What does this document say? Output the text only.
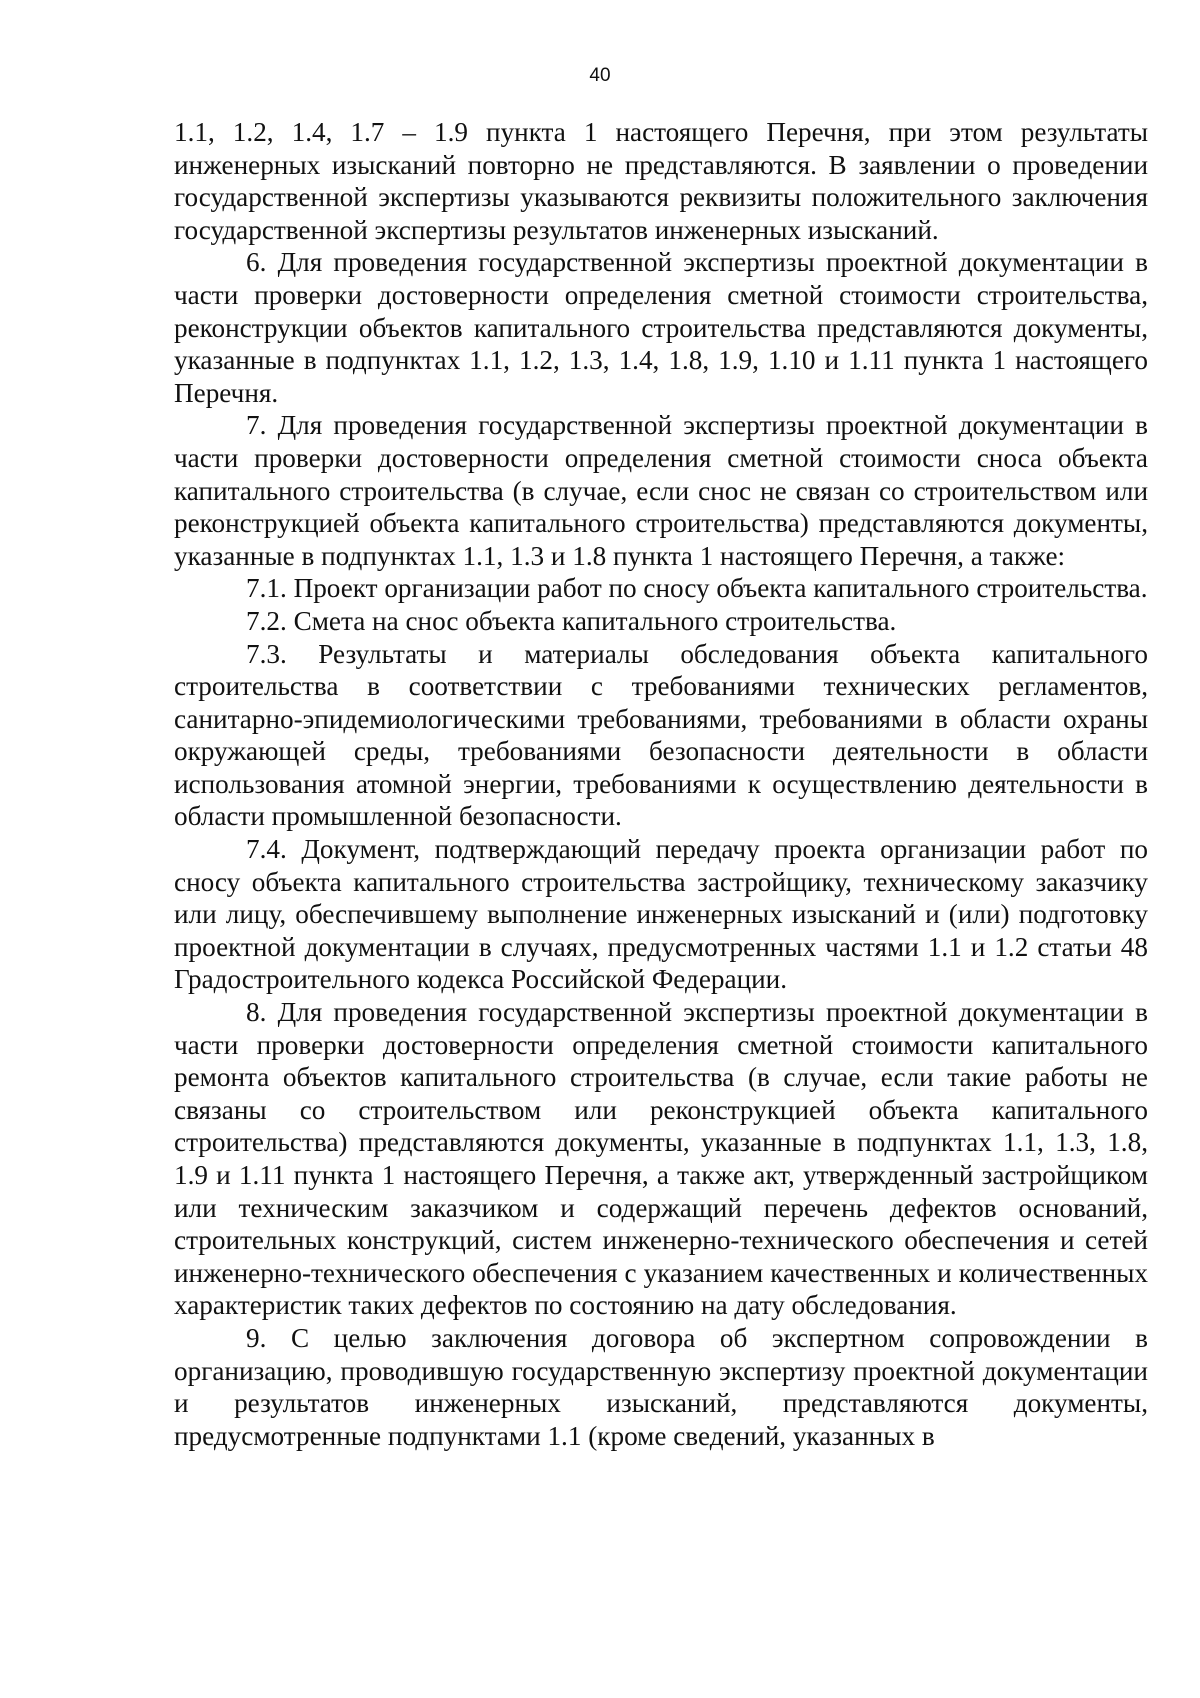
40

1.1, 1.2, 1.4, 1.7 – 1.9 пункта 1 настоящего Перечня, при этом результаты инженерных изысканий повторно не представляются. В заявлении о проведении государственной экспертизы указываются реквизиты положительного заключения государственной экспертизы результатов инженерных изысканий.

6. Для проведения государственной экспертизы проектной документации в части проверки достоверности определения сметной стоимости строительства, реконструкции объектов капитального строительства представляются документы, указанные в подпунктах 1.1, 1.2, 1.3, 1.4, 1.8, 1.9, 1.10 и 1.11 пункта 1 настоящего Перечня.

7. Для проведения государственной экспертизы проектной документации в части проверки достоверности определения сметной стоимости сноса объекта капитального строительства (в случае, если снос не связан со строительством или реконструкцией объекта капитального строительства) представляются документы, указанные в подпунктах 1.1, 1.3 и 1.8 пункта 1 настоящего Перечня, а также:

7.1. Проект организации работ по сносу объекта капитального строительства.

7.2. Смета на снос объекта капитального строительства.

7.3. Результаты и материалы обследования объекта капитального строительства в соответствии с требованиями технических регламентов, санитарно-эпидемиологическими требованиями, требованиями в области охраны окружающей среды, требованиями безопасности деятельности в области использования атомной энергии, требованиями к осуществлению деятельности в области промышленной безопасности.

7.4. Документ, подтверждающий передачу проекта организации работ по сносу объекта капитального строительства застройщику, техническому заказчику или лицу, обеспечившему выполнение инженерных изысканий и (или) подготовку проектной документации в случаях, предусмотренных частями 1.1 и 1.2 статьи 48 Градостроительного кодекса Российской Федерации.

8. Для проведения государственной экспертизы проектной документации в части проверки достоверности определения сметной стоимости капитального ремонта объектов капитального строительства (в случае, если такие работы не связаны со строительством или реконструкцией объекта капитального строительства) представляются документы, указанные в подпунктах 1.1, 1.3, 1.8, 1.9 и 1.11 пункта 1 настоящего Перечня, а также акт, утвержденный застройщиком или техническим заказчиком и содержащий перечень дефектов оснований, строительных конструкций, систем инженерно-технического обеспечения и сетей инженерно-технического обеспечения с указанием качественных и количественных характеристик таких дефектов по состоянию на дату обследования.

9. С целью заключения договора об экспертном сопровождении в организацию, проводившую государственную экспертизу проектной документации и результатов инженерных изысканий, представляются документы, предусмотренные подпунктами 1.1 (кроме сведений, указанных в
